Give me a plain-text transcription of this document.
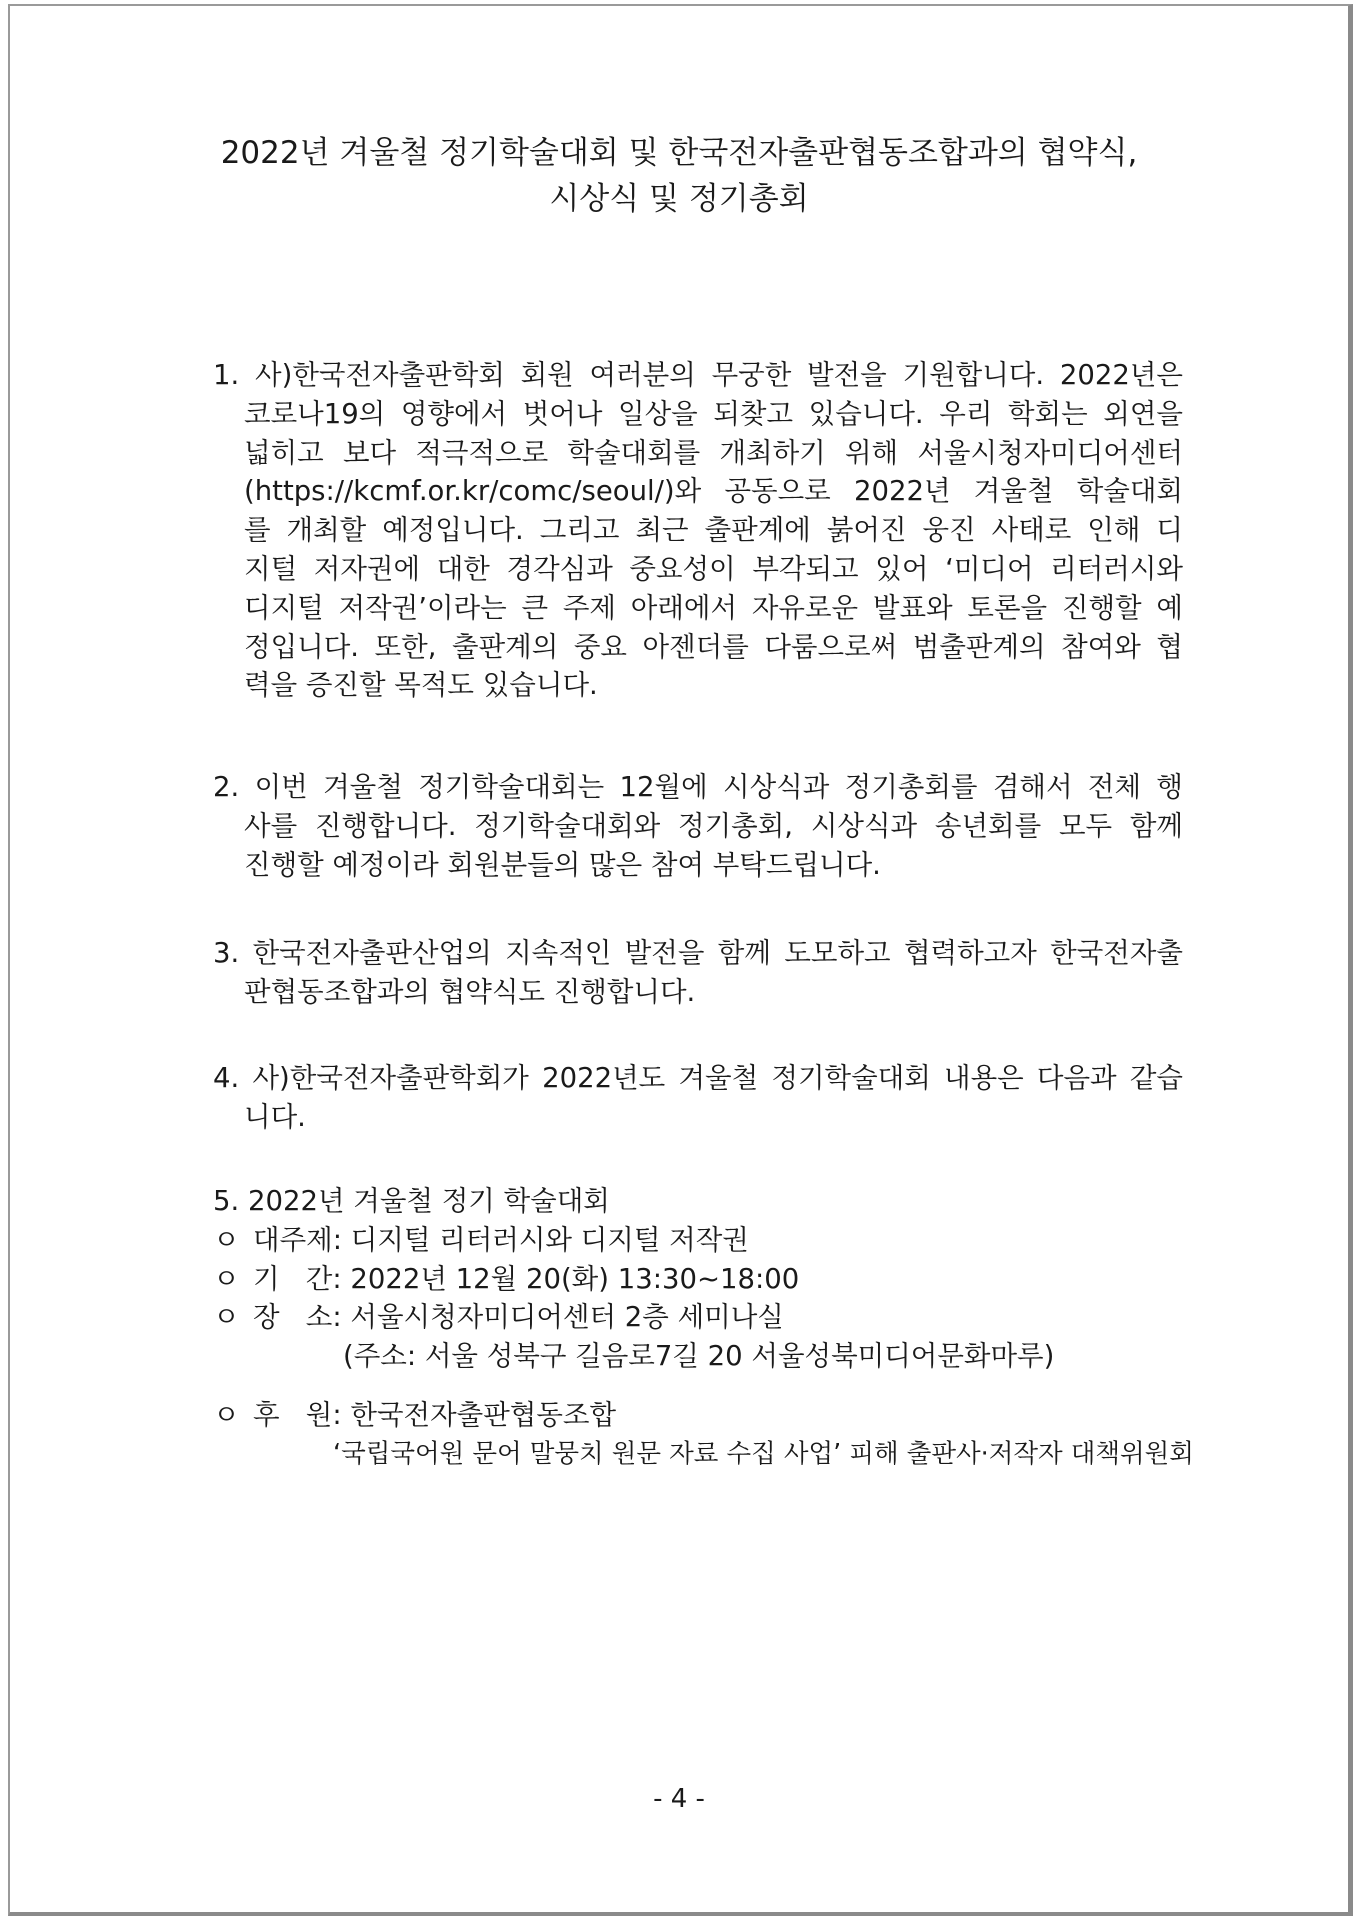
2022년 겨울철 정기학술대회 및 한국전자출판협동조합과의 협약식,
시상식 및 정기총회
1. 사)한국전자출판학회 회원 여러분의 무궁한 발전을 기원합니다. 2022년은
코로나19의 영향에서 벗어나 일상을 되찾고 있습니다. 우리 학회는 외연을
넓히고 보다 적극적으로 학술대회를 개최하기 위해 서울시청자미디어센터
(https://kcmf.or.kr/comc/seoul/)와 공동으로 2022년 겨울철 학술대회
를 개최할 예정입니다. 그리고 최근 출판계에 붉어진 웅진 사태로 인해 디
지털 저자권에 대한 경각심과 중요성이 부각되고 있어 ‘미디어 리터러시와
디지털 저작권’이라는 큰 주제 아래에서 자유로운 발표와 토론을 진행할 예
정입니다. 또한, 출판계의 중요 아젠더를 다룸으로써 범출판계의 참여와 협
력을 증진할 목적도 있습니다.
2. 이번 겨울철 정기학술대회는 12월에 시상식과 정기총회를 겸해서 전체 행
사를 진행합니다. 정기학술대회와 정기총회, 시상식과 송년회를 모두 함께
진행할 예정이라 회원분들의 많은 참여 부탁드립니다.
3. 한국전자출판산업의 지속적인 발전을 함께 도모하고 협력하고자 한국전자출
판협동조합과의 협약식도 진행합니다.
4. 사)한국전자출판학회가 2022년도 겨울철 정기학술대회 내용은 다음과 같습
니다.
5. 2022년 겨울철 정기 학술대회
ㅇ 대주제: 디지털 리터러시와 디지털 저작권
ㅇ 기   간: 2022년 12월 20(화) 13:30~18:00
ㅇ 장   소: 서울시청자미디어센터 2층 세미나실
(주소: 서울 성북구 길음로7길 20 서울성북미디어문화마루)
ㅇ 후   원: 한국전자출판협동조합
‘국립국어원 문어 말뭉치 원문 자료 수집 사업’ 피해 출판사·저작자 대책위원회
- 4 -
